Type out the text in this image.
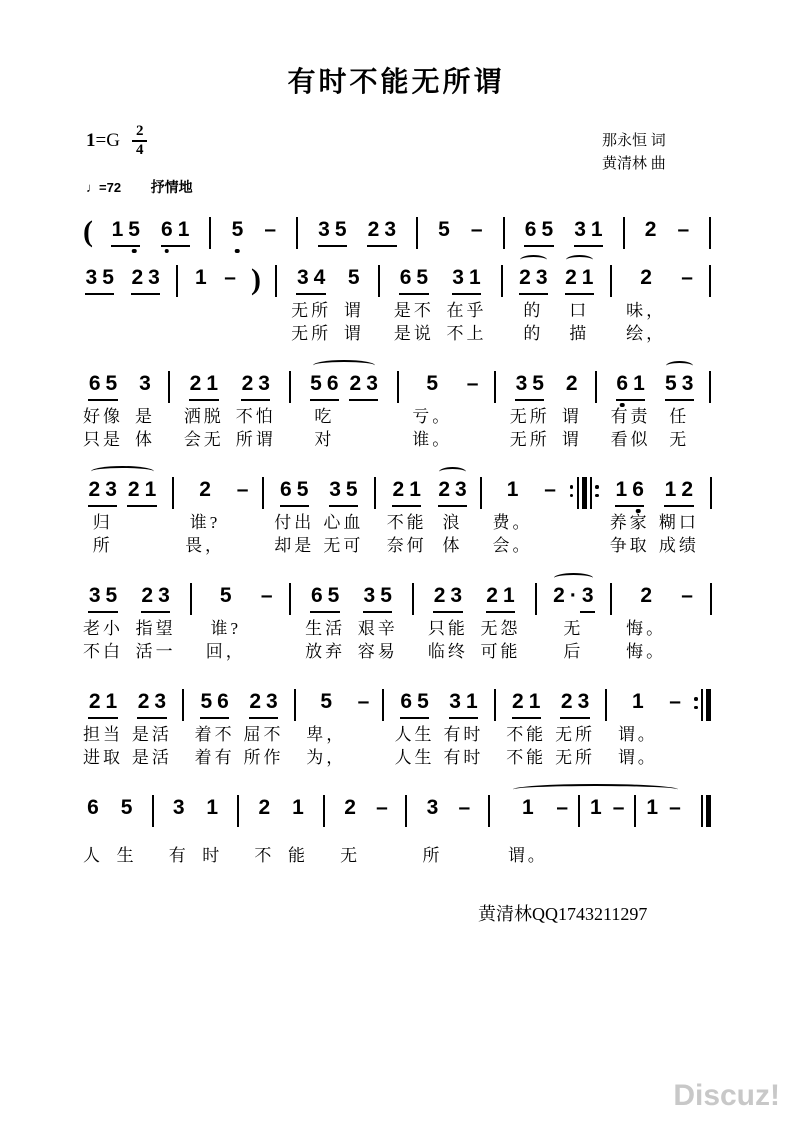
有时不能无所谓
$1 =G \frac{2}{4}$	那永恒 词
黄清林 曲
♩=72 抒情地
( 1 5 6 1 5 – 3 5 2 3 5 – 6 5 3 1 2 –
3 5 2 3 1 – ) 3 4
无所
无所
5
谓
谓
6 5
是不
是说
3 1
在乎
不上
2 3
的
的
2 1
口
描
2
味，
绘，
–
6 5
好像
只是
3
是
体
2 1
洒脱
会无
2 3
不怕
所谓
5 6
吃
对
2 3 5
亏。
谁。
– 3 5
无所
无所
2
谓
谓
6 1
有责
看似
5 3
任
无
2 3
归
所
2 1 2
谁?
畏，
– 6 5
付出
却是
3 5
心血
无可
2 1
不能
奈何
2 3
浪
体
1
费。
会。
–	1 6
养家
争取
1 2
糊口
成绩
3 5
老小
不白
2 3
指望
活一
5
谁?
回，
– 6 5
生活
放弃
3 5
艰辛
容易
2 3
只能
临终
2 1
无怨
可能
2 · 3
无
后
2
悔。
悔。
–
2 1
担当
进取
2 3
是活
是活
5 6
着不
着有
2 3
屈不
所作
5
卑，
为，
– 6 5
人生
人生
3 1
有时
有时
2 1
不能
不能
2 3
无所
无所
1
谓。
谓。
–
6
人
5
生
3
有
1
时
2
不
1
能
2
无
– 3
所
– 1
谓。
– 1 – 1 –
黄清林QQ1743211297
Discuz!
